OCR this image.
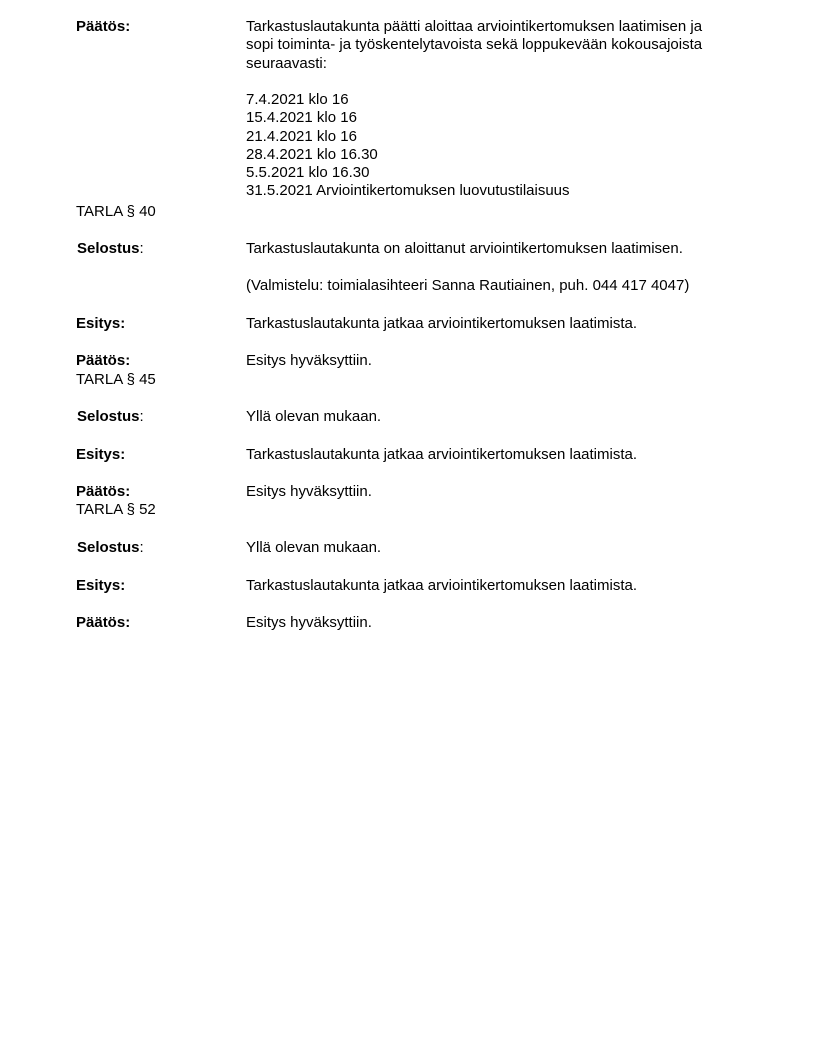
Päätös:	Tarkastuslautakunta päätti aloittaa arviointikertomuksen laatimisen ja
sopi toiminta- ja työskentelytavoista sekä loppukevään kokousajoista
seuraavasti:
7.4.2021 klo 16
15.4.2021 klo 16
21.4.2021 klo 16
28.4.2021 klo 16.30
5.5.2021 klo 16.30
31.5.2021 Arviointikertomuksen luovutustilaisuus
TARLA § 40
Selostus:	Tarkastuslautakunta on aloittanut arviointikertomuksen laatimisen.
(Valmistelu: toimialasihteeri Sanna Rautiainen, puh. 044 417 4047)
Esitys:	Tarkastuslautakunta jatkaa arviointikertomuksen laatimista.
Päätös:	Esitys hyväksyttiin.
TARLA § 45
Selostus:	Yllä olevan mukaan.
Esitys:	Tarkastuslautakunta jatkaa arviointikertomuksen laatimista.
Päätös:	Esitys hyväksyttiin.
TARLA § 52
Selostus:	Yllä olevan mukaan.
Esitys:	Tarkastuslautakunta jatkaa arviointikertomuksen laatimista.
Päätös:	Esitys hyväksyttiin.
